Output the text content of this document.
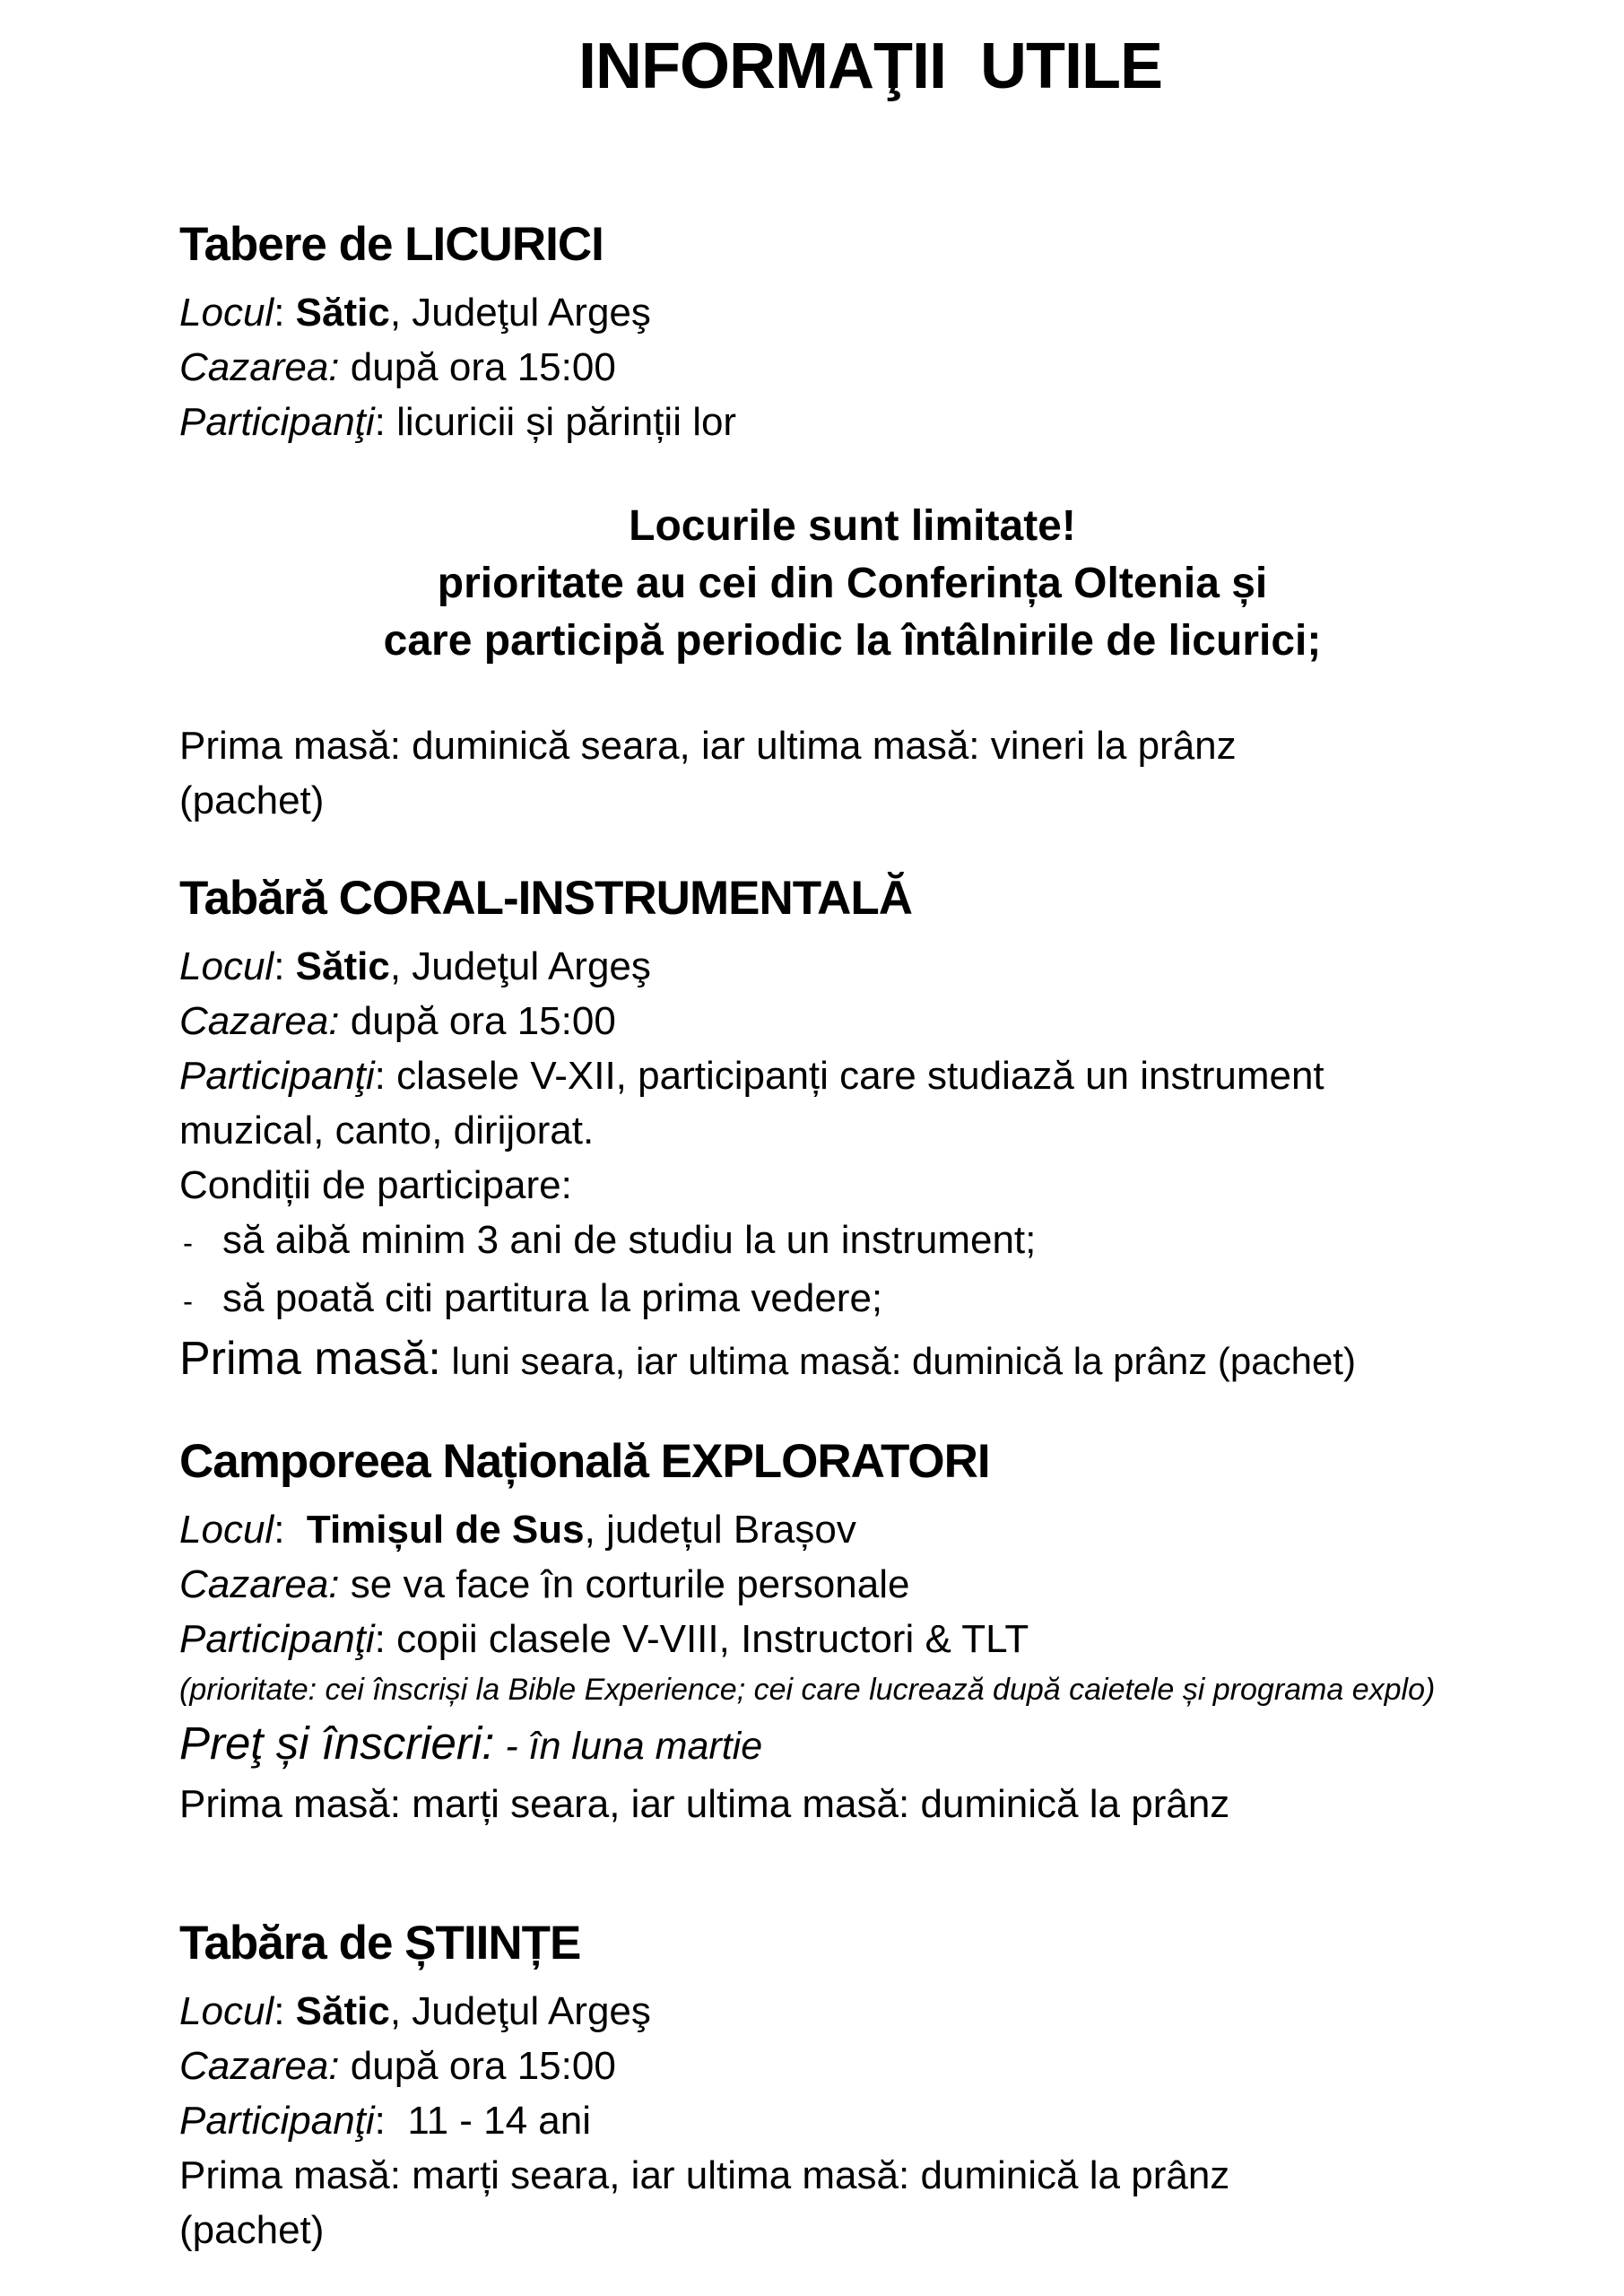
INFORMAŢII  UTILE
Tabere de LICURICI
Locul: Sătic, Judeţul Argeş
Cazarea: după ora 15:00
Participanţi: licuricii și părinții lor
Locurile sunt limitate!
prioritate au cei din Conferința Oltenia și
care participă periodic la întâlnirile de licurici;
Prima masă: duminică seara, iar ultima masă: vineri la prânz
(pachet)
Tabără CORAL-INSTRUMENTALĂ
Locul: Sătic, Judeţul Argeş
Cazarea: după ora 15:00
Participanţi: clasele V-XII, participanți care studiază un instrument
muzical, canto, dirijorat.
Condiții de participare:
- să aibă minim 3 ani de studiu la un instrument;
- să poată citi partitura la prima vedere;
Prima masă: luni seara, iar ultima masă: duminică la prânz (pachet)
Camporeea Națională EXPLORATORI
Locul:  Timișul de Sus, județul Brașov
Cazarea: se va face în corturile personale
Participanţi: copii clasele V-VIII, Instructori & TLT
(prioritate: cei înscriși la Bible Experience; cei care lucrează după caietele și programa explo)
Preţ și înscrieri: - în luna martie
Prima masă: marți seara, iar ultima masă: duminică la prânz
Tabăra de ȘTIINȚE
Locul: Sătic, Judeţul Argeş
Cazarea: după ora 15:00
Participanţi:  11 - 14 ani
Prima masă: marți seara, iar ultima masă: duminică la prânz
(pachet)
